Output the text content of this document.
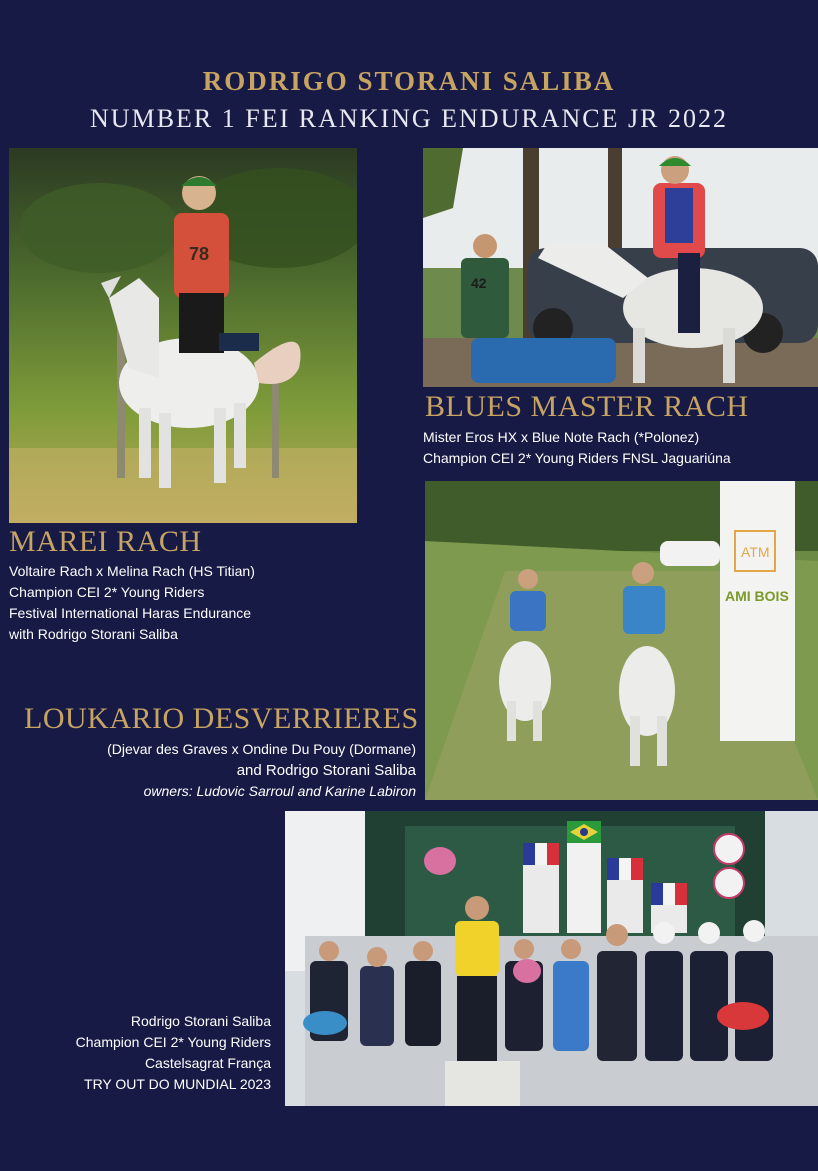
RODRIGO STORANI SALIBA
NUMBER 1 FEI RANKING ENDURANCE JR 2022
78
42
BLUES MASTER RACH
Mister Eros HX x Blue Note Rach (*Polonez)
Champion CEI 2* Young Riders FNSL Jaguariúna
MAREI RACH
Voltaire Rach x Melina Rach (HS Titian)
Champion CEI 2* Young Riders
Festival International Haras Endurance
with Rodrigo Storani Saliba
ATM
AMI BOIS
LOUKARIO DESVERRIERES
(Djevar des Graves x Ondine Du Pouy (Dormane)
and Rodrigo Storani Saliba
owners: Ludovic Sarroul and Karine Labiron
Rodrigo Storani Saliba
Champion CEI 2* Young Riders
Castelsagrat França
TRY OUT DO MUNDIAL 2023
